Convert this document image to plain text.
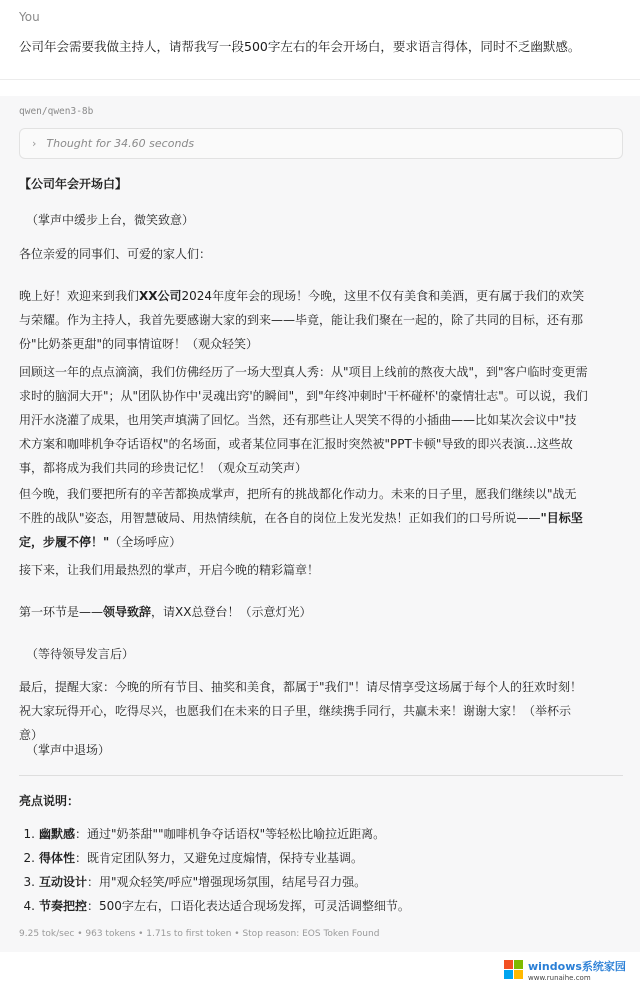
You
公司年会需要我做主持人，请帮我写一段500字左右的年会开场白，要求语言得体，同时不乏幽默感。
qwen/qwen3-8b
› Thought for 34.60 seconds
【公司年会开场白】
（掌声中缓步上台，微笑致意）
各位亲爱的同事们、可爱的家人们：
晚上好！欢迎来到我们XX公司2024年度年会的现场！今晚，这里不仅有美食和美酒，更有属于我们的欢笑
与荣耀。作为主持人，我首先要感谢大家的到来——毕竟，能让我们聚在一起的，除了共同的目标，还有那
份"比奶茶更甜"的同事情谊呀！（观众轻笑）
回顾这一年的点点滴滴，我们仿佛经历了一场大型真人秀：从"项目上线前的熬夜大战"，到"客户临时变更需
求时的脑洞大开"；从"团队协作中'灵魂出窍'的瞬间"，到"年终冲刺时'干杯碰杯'的豪情壮志"。可以说，我们
用汗水浇灌了成果，也用笑声填满了回忆。当然，还有那些让人哭笑不得的小插曲——比如某次会议中"技
术方案和咖啡机争夺话语权"的名场面，或者某位同事在汇报时突然被"PPT卡顿"导致的即兴表演...这些故
事，都将成为我们共同的珍贵记忆！（观众互动笑声）
但今晚，我们要把所有的辛苦都换成掌声，把所有的挑战都化作动力。未来的日子里，愿我们继续以"战无
不胜的战队"姿态，用智慧破局、用热情续航，在各自的岗位上发光发热！正如我们的口号所说——"目标坚
定，步履不停！"（全场呼应）
接下来，让我们用最热烈的掌声，开启今晚的精彩篇章！
第一环节是——领导致辞，请XX总登台！（示意灯光）
（等待领导发言后）
最后，提醒大家：今晚的所有节目、抽奖和美食，都属于"我们"！请尽情享受这场属于每个人的狂欢时刻！
祝大家玩得开心，吃得尽兴，也愿我们在未来的日子里，继续携手同行，共赢未来！谢谢大家！（举杯示
意）
（掌声中退场）
亮点说明：
1. 幽默感：通过"奶茶甜""咖啡机争夺话语权"等轻松比喻拉近距离。
2. 得体性：既肯定团队努力，又避免过度煽情，保持专业基调。
3. 互动设计：用"观众轻笑/呼应"增强现场氛围，结尾号召力强。
4. 节奏把控：500字左右，口语化表达适合现场发挥，可灵活调整细节。
9.25 tok/sec • 963 tokens • 1.71s to first token • Stop reason: EOS Token Found
windows系统家园
www.runaihe.com
